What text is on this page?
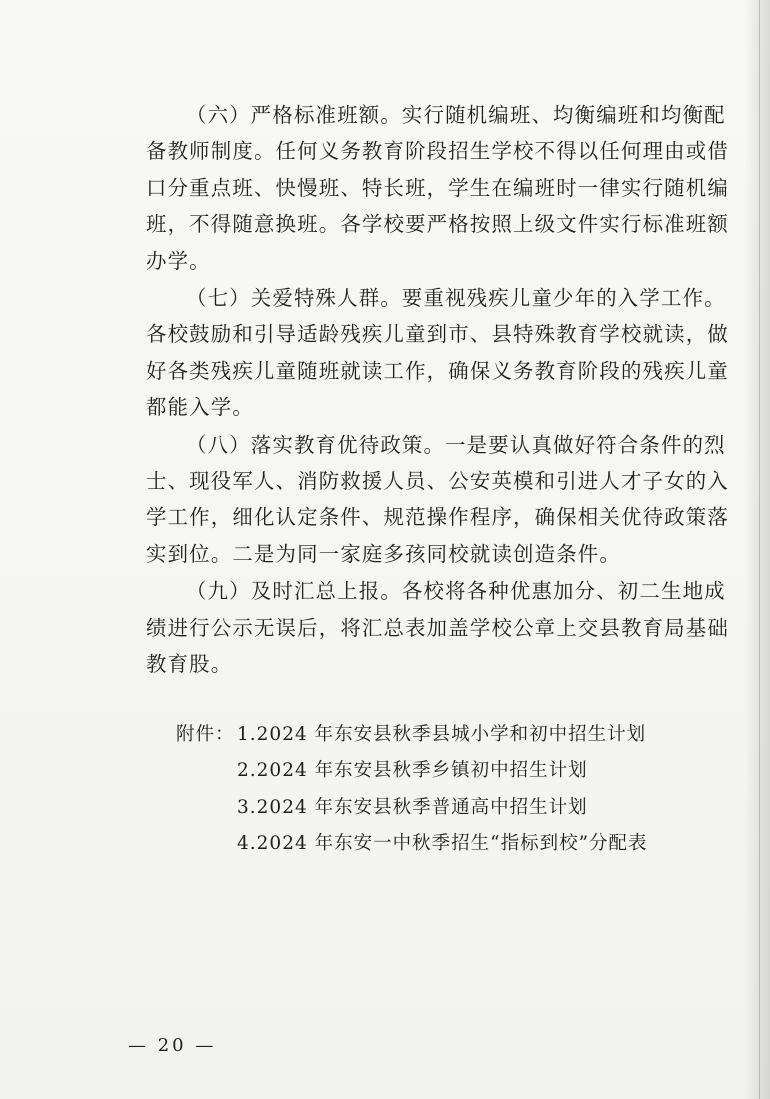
（六）严格标准班额。实行随机编班、均衡编班和均衡配
备教师制度。任何义务教育阶段招生学校不得以任何理由或借
口分重点班、快慢班、特长班，学生在编班时一律实行随机编
班，不得随意换班。各学校要严格按照上级文件实行标准班额
办学。

（七）关爱特殊人群。要重视残疾儿童少年的入学工作。
各校鼓励和引导适龄残疾儿童到市、县特殊教育学校就读，做
好各类残疾儿童随班就读工作，确保义务教育阶段的残疾儿童
都能入学。

（八）落实教育优待政策。一是要认真做好符合条件的烈
士、现役军人、消防救援人员、公安英模和引进人才子女的入
学工作，细化认定条件、规范操作程序，确保相关优待政策落
实到位。二是为同一家庭多孩同校就读创造条件。

（九）及时汇总上报。各校将各种优惠加分、初二生地成
绩进行公示无误后，将汇总表加盖学校公章上交县教育局基础
教育股。

附件： 1.2024 年东安县秋季县城小学和初中招生计划
2.2024 年东安县秋季乡镇初中招生计划
3.2024 年东安县秋季普通高中招生计划
4.2024 年东安一中秋季招生“指标到校”分配表
— 20 —
